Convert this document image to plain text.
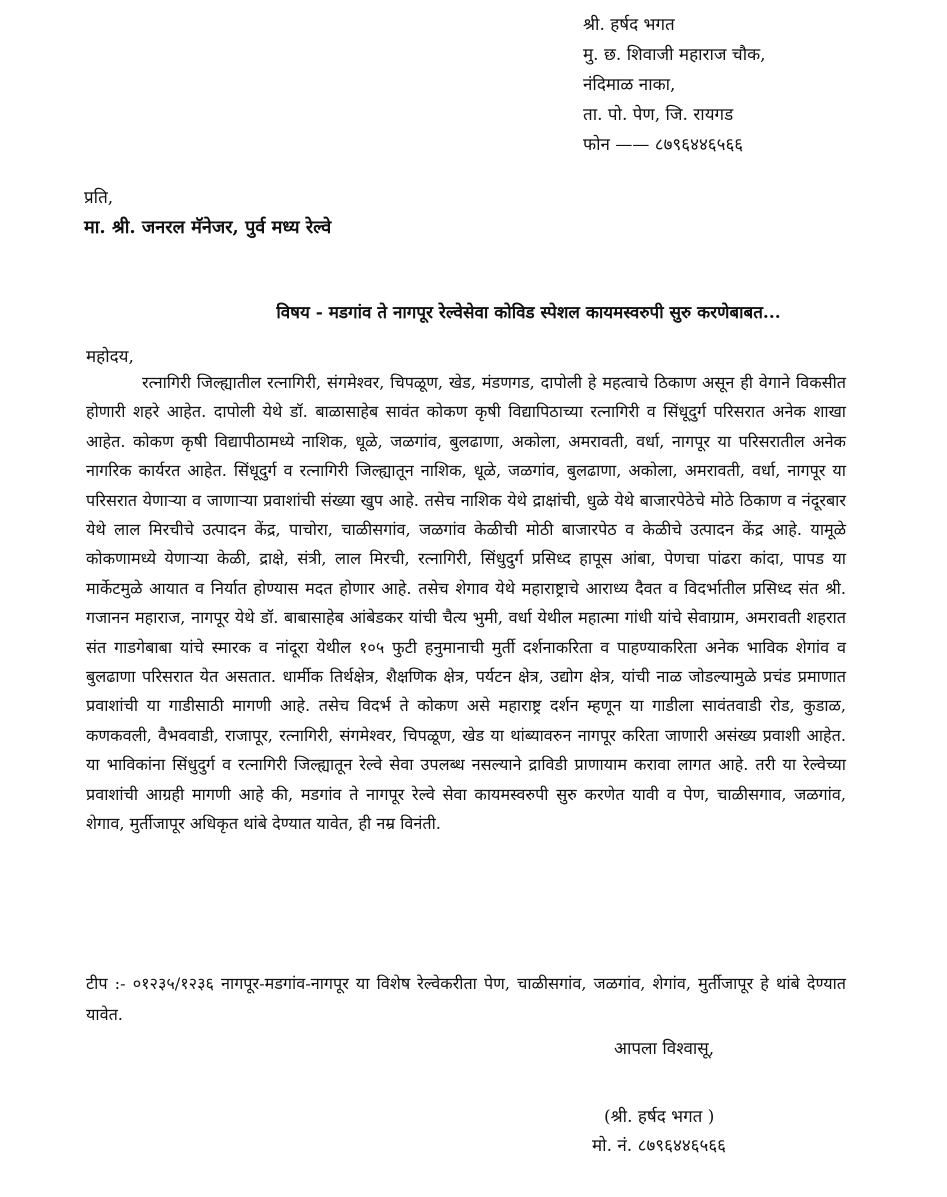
श्री. हर्षद भगत
मु. छ. शिवाजी महाराज चौक,
नंदिमाळ नाका,
ता. पो. पेण, जि. रायगड
फोन —— ८७९६४४६५६६
प्रति,
मा. श्री. जनरल मॅनेजर, पुर्व मध्य रेल्वे
विषय - मडगांव ते नागपूर रेल्वेसेवा कोविड स्पेशल कायमस्वरुपी सुरु करणेबाबत...
महोदय,

रत्नागिरी जिल्ह्यातील रत्नागिरी, संगमेश्वर, चिपळूण, खेड, मंडणगड, दापोली हे महत्वाचे ठिकाण असून ही वेगाने विकसीत होणारी शहरे आहेत. दापोली येथे डॉ. बाळासाहेब सावंत कोकण कृषी विद्यापिठाच्या रत्नागिरी व सिंधूदुर्ग परिसरात अनेक शाखा आहेत. कोकण कृषी विद्यापीठामध्ये नाशिक, धूळे, जळगांव, बुलढाणा, अकोला, अमरावती, वर्धा, नागपूर या परिसरातील अनेक नागरिक कार्यरत आहेत. सिंधूदुर्ग व रत्नागिरी जिल्ह्यातून नाशिक, धूळे, जळगांव, बुलढाणा, अकोला, अमरावती, वर्धा, नागपूर या परिसरात येणाऱ्या व जाणाऱ्या प्रवाशांची संख्या खुप आहे. तसेच नाशिक येथे द्राक्षांची, धुळे येथे बाजारपेठेचे मोठे ठिकाण व नंदूरबार येथे लाल मिरचीचे उत्पादन केंद्र, पाचोरा, चाळीसगांव, जळगांव केळीची मोठी बाजारपेठ व केळीचे उत्पादन केंद्र आहे. यामूळे कोकणामध्ये येणाऱ्या केळी, द्राक्षे, संत्री, लाल मिरची, रत्नागिरी, सिंधुदुर्ग प्रसिध्द हापूस आंबा, पेणचा पांढरा कांदा, पापड या मार्केटमुळे आयात व निर्यात होण्यास मदत होणार आहे. तसेच शेगाव येथे महाराष्ट्राचे आराध्य दैवत व विदर्भातील प्रसिध्द संत श्री. गजानन महाराज, नागपूर येथे डॉ. बाबासाहेब आंबेडकर यांची चैत्य भुमी, वर्धा येथील महात्मा गांधी यांचे सेवाग्राम, अमरावती शहरात संत गाडगेबाबा यांचे स्मारक व नांदूरा येथील १०५ फुटी हनुमानाची मुर्ती दर्शनाकरिता व पाहण्याकरिता अनेक भाविक शेगांव व बुलढाणा परिसरात येत असतात. धार्मीक तिर्थक्षेत्र, शैक्षणिक क्षेत्र, पर्यटन क्षेत्र, उद्योग क्षेत्र, यांची नाळ जोडल्यामुळे प्रचंड प्रमाणात प्रवाशांची या गाडीसाठी मागणी आहे. तसेच विदर्भ ते कोकण असे महाराष्ट्र दर्शन म्हणून या गाडीला सावंतवाडी रोड, कुडाळ, कणकवली, वैभववाडी, राजापूर, रत्नागिरी, संगमेश्वर, चिपळूण, खेड या थांब्यावरुन नागपूर करिता जाणारी असंख्य प्रवाशी आहेत. या भाविकांना सिंधुदुर्ग व रत्नागिरी जिल्ह्यातून रेल्वे सेवा उपलब्ध नसल्याने द्राविडी प्राणायाम करावा लागत आहे. तरी या रेल्वेच्या प्रवाशांची आग्रही मागणी आहे की, मडगांव ते नागपूर रेल्वे सेवा कायमस्वरुपी सुरु करणेत यावी व पेण, चाळीसगाव, जळगांव, शेगाव, मुर्तीजापूर अधिकृत थांबे देण्यात यावेत, ही नम्र विनंती.

टीप :- ०१२३५/१२३६ नागपूर-मडगांव-नागपूर या विशेष रेल्वेकरीता पेण, चाळीसगांव, जळगांव, शेगांव, मुर्तीजापूर हे थांबे देण्यात यावेत.

आपला विश्वासू,
(श्री. हर्षद भगत )
मो. नं. ८७९६४४६५६६
